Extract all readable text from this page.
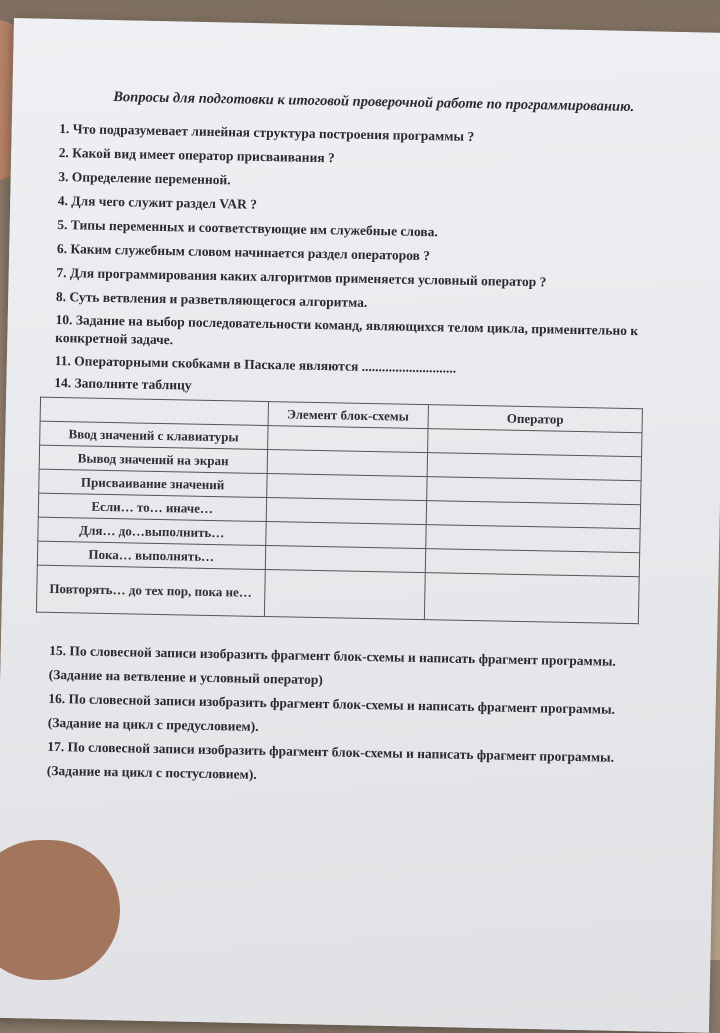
Вопросы для подготовки к итоговой проверочной работе по программированию.
1. Что подразумевает линейная структура построения программы ?
2. Какой вид имеет оператор присваивания ?
3. Определение переменной.
4. Для чего служит раздел VAR ?
5. Типы переменных и соответствующие им служебные слова.
6. Каким служебным словом начинается раздел операторов ?
7. Для программирования каких алгоритмов применяется условный оператор ?
8. Суть ветвления и разветвляющегося алгоритма.
10. Задание на выбор последовательности команд, являющихся телом цикла, применительно к конкретной задаче.
11. Операторными скобками в Паскале являются ............................
14. Заполните таблицу
	Элемент блок-схемы	Оператор
Ввод значений с клавиатуры		
Вывод значений на экран		
Присваивание значений		
Если… то… иначе…		
Для… до…выполнить…		
Пока… выполнять…		
Повторять… до тех пор, пока не…		
15. По словесной записи изобразить фрагмент блок-схемы и написать фрагмент программы.
(Задание на ветвление и условный оператор)
16. По словесной записи изобразить фрагмент блок-схемы и написать фрагмент программы.
(Задание на цикл с предусловием).
17. По словесной записи изобразить фрагмент блок-схемы и написать фрагмент программы.
(Задание на цикл с постусловием).
